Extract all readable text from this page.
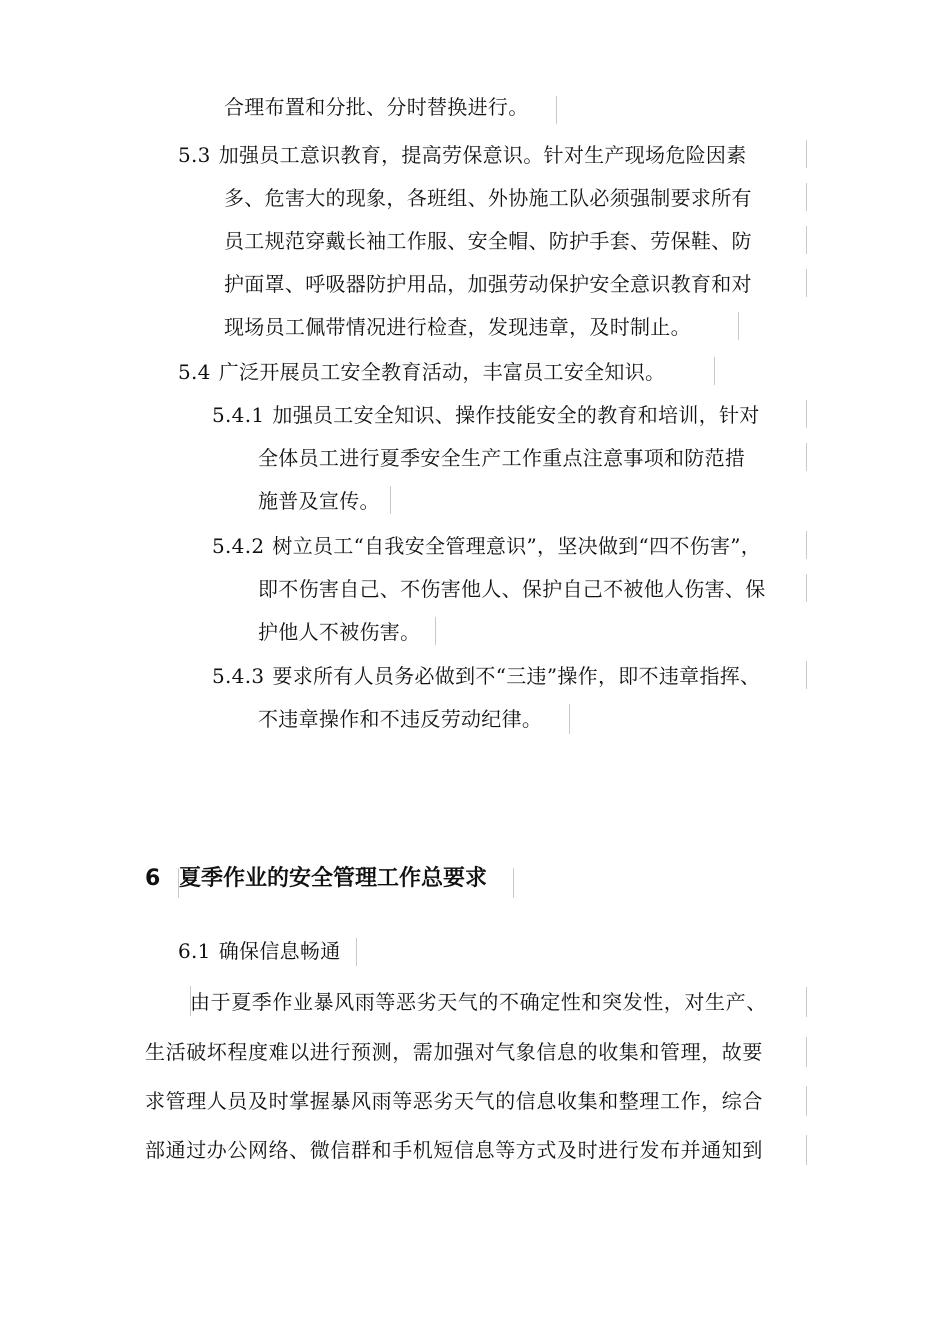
合理布置和分批、分时替换进行。
5.3 加强员工意识教育，提高劳保意识。针对生产现场危险因素
多、危害大的现象，各班组、外协施工队必须强制要求所有
员工规范穿戴长袖工作服、安全帽、防护手套、劳保鞋、防
护面罩、呼吸器防护用品，加强劳动保护安全意识教育和对
现场员工佩带情况进行检查，发现违章，及时制止。
5.4 广泛开展员工安全教育活动，丰富员工安全知识。
5.4.1 加强员工安全知识、操作技能安全的教育和培训，针对
全体员工进行夏季安全生产工作重点注意事项和防范措
施普及宣传。
5.4.2 树立员工“自我安全管理意识”，坚决做到“四不伤害”，
即不伤害自己、不伤害他人、保护自己不被他人伤害、保
护他人不被伤害。
5.4.3 要求所有人员务必做到不“三违”操作，即不违章指挥、
不违章操作和不违反劳动纪律。
6 夏季作业的安全管理工作总要求
6.1 确保信息畅通
由于夏季作业暴风雨等恶劣天气的不确定性和突发性，对生产、
生活破坏程度难以进行预测，需加强对气象信息的收集和管理，故要
求管理人员及时掌握暴风雨等恶劣天气的信息收集和整理工作，综合
部通过办公网络、微信群和手机短信息等方式及时进行发布并通知到
